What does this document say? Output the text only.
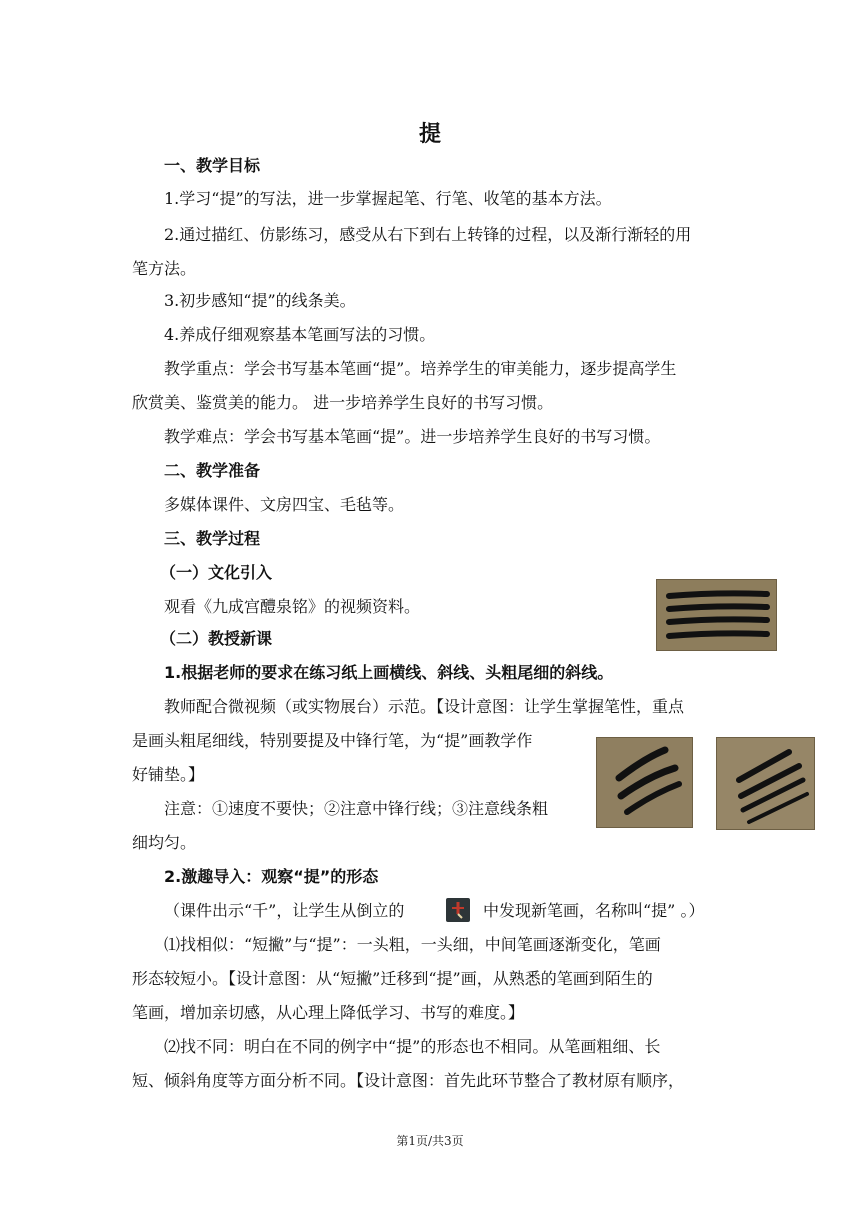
提
一、教学目标
1.学习“提”的写法，进一步掌握起笔、行笔、收笔的基本方法。
2.通过描红、仿影练习，感受从右下到右上转锋的过程，以及渐行渐轻的用
笔方法。
3.初步感知“提”的线条美。
4.养成仔细观察基本笔画写法的习惯。
教学重点：学会书写基本笔画“提”。培养学生的审美能力，逐步提高学生
欣赏美、鉴赏美的能力。 进一步培养学生良好的书写习惯。
教学难点：学会书写基本笔画“提”。进一步培养学生良好的书写习惯。
二、教学准备
多媒体课件、文房四宝、毛毡等。
三、教学过程
（一）文化引入
观看《九成宫醴泉铭》的视频资料。
（二）教授新课
1.根据老师的要求在练习纸上画横线、斜线、头粗尾细的斜线。
教师配合微视频（或实物展台）示范。【设计意图：让学生掌握笔性，重点
是画头粗尾细线，特别要提及中锋行笔，为“提”画教学作
好铺垫。】
注意：①速度不要快；②注意中锋行线；③注意线条粗
细均匀。
2.激趣导入：观察“提”的形态
（课件出示“千”，让学生从倒立的	中发现新笔画，名称叫“提” 。）
⑴找相似：“短撇”与“提”：一头粗，一头细，中间笔画逐渐变化，笔画
形态较短小。【设计意图：从“短撇”迁移到“提”画，从熟悉的笔画到陌生的
笔画，增加亲切感，从心理上降低学习、书写的难度。】
⑵找不同：明白在不同的例字中“提”的形态也不相同。从笔画粗细、长
短、倾斜角度等方面分析不同。【设计意图：首先此环节整合了教材原有顺序，
第1页/共3页
